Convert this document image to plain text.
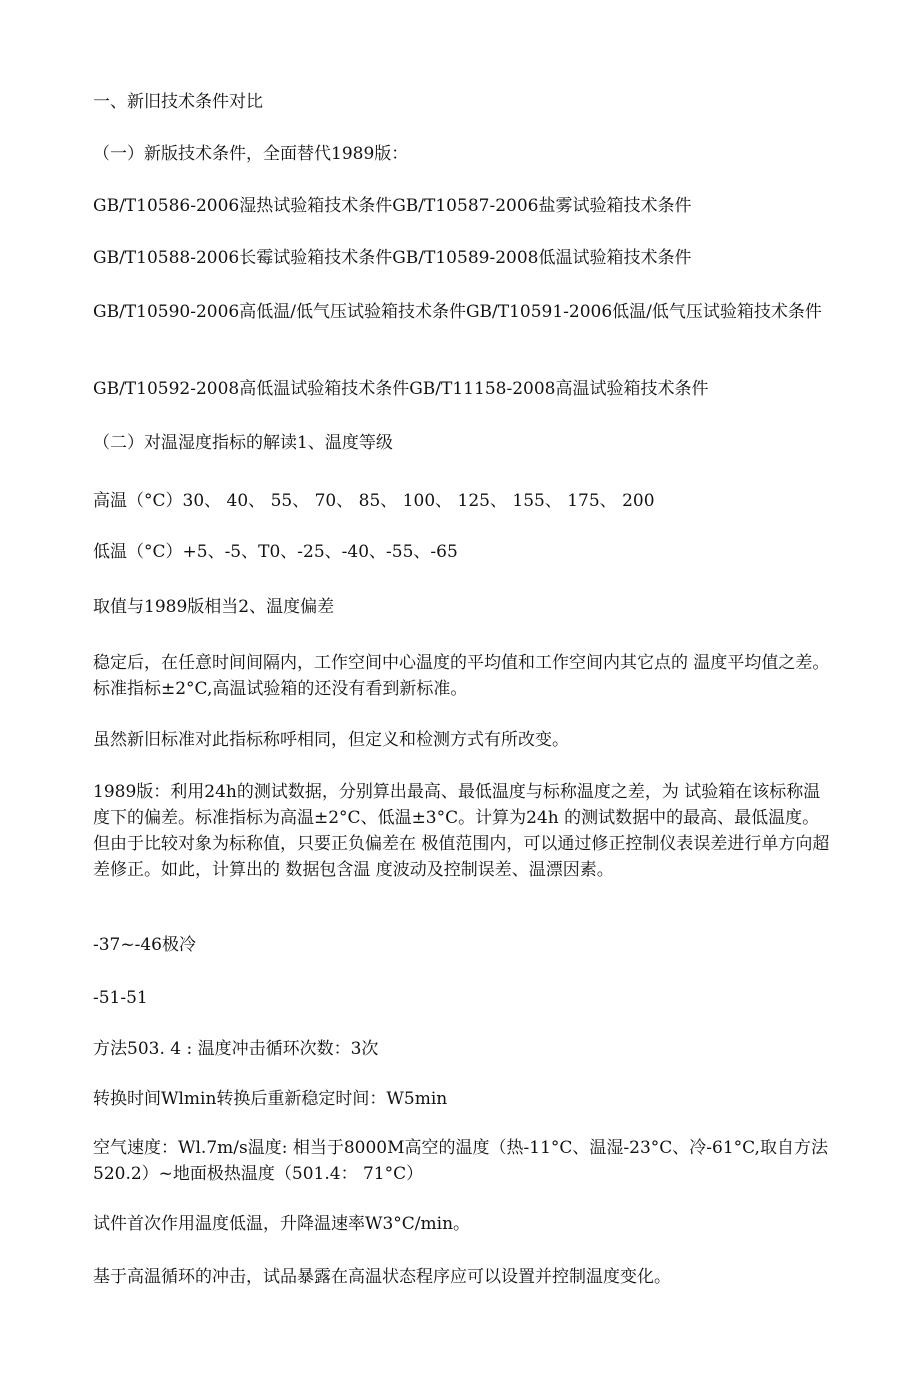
一、新旧技术条件对比

（一）新版技术条件，全面替代1989版：

GB/T10586-2006湿热试验箱技术条件GB/T10587-2006盐雾试验箱技术条件

GB/T10588-2006长霉试验箱技术条件GB/T10589-2008低温试验箱技术条件

GB/T10590-2006高低温/低气压试验箱技术条件GB/T10591-2006低温/低气压试验箱技术条件

GB/T10592-2008高低温试验箱技术条件GB/T11158-2008高温试验箱技术条件

（二）对温湿度指标的解读1、温度等级

高温（°C）30、 40、 55、 70、 85、 100、 125、 155、 175、 200

低温（°C）+5、-5、T0、-25、-40、-55、-65

取值与1989版相当2、温度偏差

稳定后，在任意时间间隔内，工作空间中心温度的平均值和工作空间内其它点的 温度平均值之差。标准指标±2°C,高温试验箱的还没有看到新标准。

虽然新旧标准对此指标称呼相同，但定义和检测方式有所改变。

1989版：利用24h的测试数据，分别算出最高、最低温度与标称温度之差，为 试验箱在该标称温度下的偏差。标准指标为高温±2°C、低温±3°C。计算为24h 的测试数据中的最高、最低温度。但由于比较对象为标称值，只要正负偏差在 极值范围内，可以通过修正控制仪表误差进行单方向超差修正。如此，计算出的 数据包含温 度波动及控制误差、温漂因素。

-37~-46极冷

-51-51

方法503. 4 : 温度冲击循环次数：3次

转换时间Wlmin转换后重新稳定时间：W5min

空气速度：Wl.7m/s温度: 相当于8000M高空的温度（热-11°C、温湿-23°C、冷-61°C,取自方法520.2）~地面极热温度（501.4： 71°C）

试件首次作用温度低温，升降温速率W3°C/min。

基于高温循环的冲击，试品暴露在高温状态程序应可以设置并控制温度变化。
